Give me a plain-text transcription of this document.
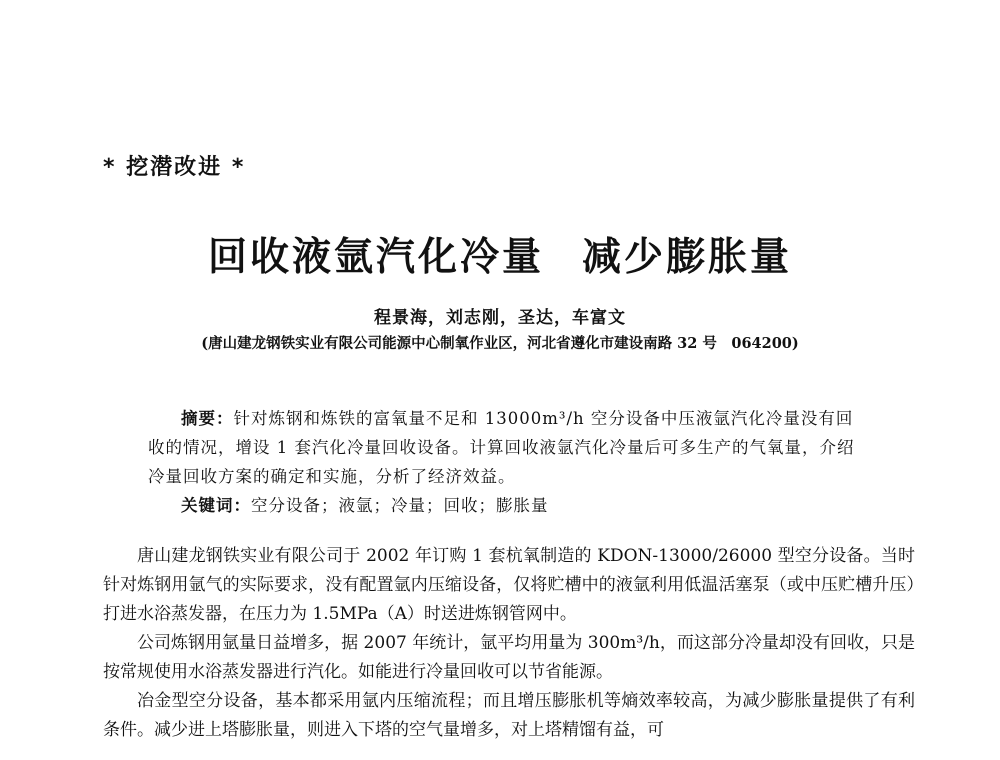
* 挖潜改进 *
回收液氩汽化冷量 减少膨胀量
程景海，刘志刚，圣达，车富文
(唐山建龙钢铁实业有限公司能源中心制氧作业区，河北省遵化市建设南路 32 号　064200)

摘要：针对炼钢和炼铁的富氧量不足和 13000m³/h 空分设备中压液氩汽化冷量没有回收的情况，增设 1 套汽化冷量回收设备。计算回收液氩汽化冷量后可多生产的气氧量，介绍冷量回收方案的确定和实施，分析了经济效益。

关键词：空分设备；液氩；冷量；回收；膨胀量

唐山建龙钢铁实业有限公司于 2002 年订购 1 套杭氧制造的 KDON-13000/26000 型空分设备。当时针对炼钢用氩气的实际要求，没有配置氩内压缩设备，仅将贮槽中的液氩利用低温活塞泵（或中压贮槽升压）打进水浴蒸发器，在压力为 1.5MPa（A）时送进炼钢管网中。

公司炼钢用氩量日益增多，据 2007 年统计，氩平均用量为 300m³/h，而这部分冷量却没有回收，只是按常规使用水浴蒸发器进行汽化。如能进行冷量回收可以节省能源。

冶金型空分设备，基本都采用氩内压缩流程；而且增压膨胀机等熵效率较高，为减少膨胀量提供了有利条件。减少进上塔膨胀量，则进入下塔的空气量增多，对上塔精馏有益，可
